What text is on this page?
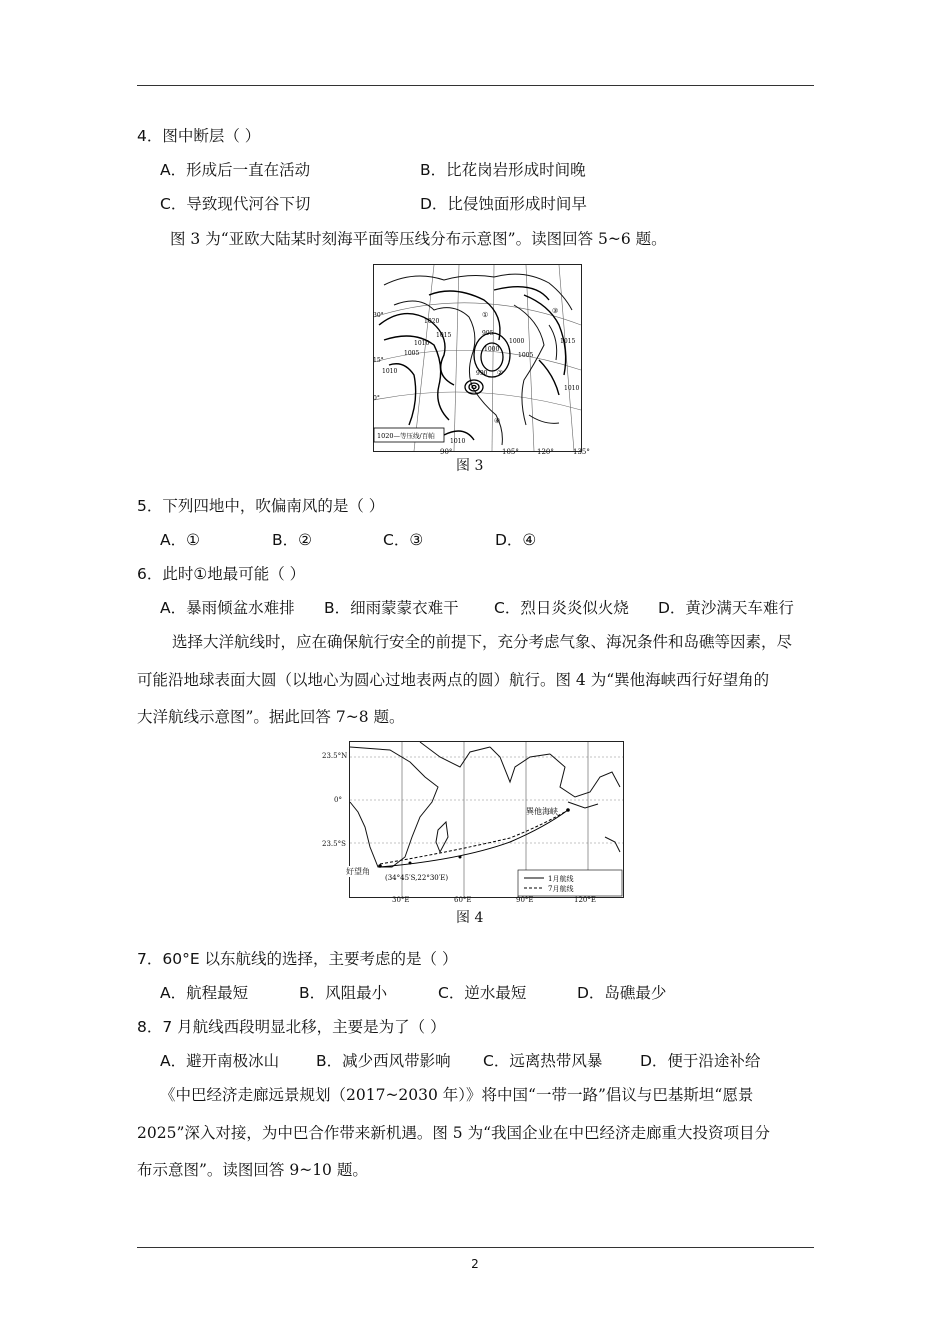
4．图中断层（ ）
A．形成后一直在活动	B．比花岗岩形成时间晚
C．导致现代河谷下切	D．比侵蚀面形成时间早
图 3 为“亚欧大陆某时刻海平面等压线分布示意图”。读图回答 5~6 题。
1020
1015
1010
1005
1000
995
990
1010
1015
1010
1000
1005
1010
①
②
③
④
30°
15°
0°
1020—等压线/百帕
90°	105°	120°	135°
图 3
5．下列四地中，吹偏南风的是（ ）
A．①	B．②	C．③	D．④
6．此时①地最可能（ ）
A．暴雨倾盆水难排 B．细雨蒙蒙衣难干 C．烈日炎炎似火烧 D．黄沙满天车难行
选择大洋航线时，应在确保航行安全的前提下，充分考虑气象、海况条件和岛礁等因素，尽
可能沿地球表面大圆（以地心为圆心过地表两点的圆）航行。图 4 为“巽他海峡西行好望角的
大洋航线示意图”。据此回答 7~8 题。
23.5°N
0°
23.5°S
巽他海峡
(34°45′S,22°30′E)	1月航线
7月航线
好望角
30°E	60°E	90°E	120°E
图 4
7．60°E 以东航线的选择，主要考虑的是（ ）
A．航程最短	B．风阻最小	C．逆水最短	D．岛礁最少
8．7 月航线西段明显北移，主要是为了（ ）
A．避开南极冰山 B．减少西风带影响 C．远离热带风暴 D．便于沿途补给
《中巴经济走廊远景规划（2017~2030 年）》将中国“一带一路”倡议与巴基斯坦“愿景
2025”深入对接，为中巴合作带来新机遇。图 5 为“我国企业在中巴经济走廊重大投资项目分
布示意图”。读图回答 9~10 题。
2
